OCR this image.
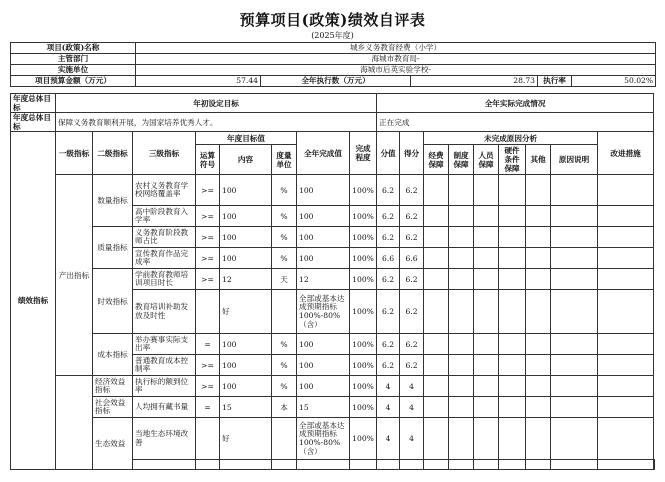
预算项目(政策)绩效自评表
(2025年度)
项目(政策)名称	城乡义务教育经费（小学）				
主管部门	海城市教育局-				
实施单位	海城市后英实验学校-				
项目预算金额（万元）	57.44	全年执行数（万元）	28.73	执行率	50.02%
年度总体目标	年初设定目标								全年实际完成情况									
年度总体目标	保障义务教育顺利开展，为国家培养优秀人才。								正在完成									
绩效指标	一级指标	二级指标	三级指标	年度目标值			全年完成值	完成程度	分值	得分	未完成原因分析						改进措施	
				运算符号	内容	度量单位					经费保障	制度保障	人员保障	硬件条件保障	其他	原因说明		
	产出指标	数量指标	农村义务教育学校网络覆盖率	>=	100	%	100	100%	6.2	6.2								
			高中阶段教育入学率	>=	100	%	100	100%	6.2	6.2								
		质量指标	义务教育阶段教师占比	>=	100	%	100	100%	6.2	6.2								
			宣传教育作品完成率	>=	100	%	100	100%	6.6	6.6								
		时效指标	学前教育教师培训项目时长	>=	12	天	12	100%	6.2	6.2								
			教育培训补助发放及时性		好		全部或基本达成预期指标100%-80%（含）	100%	6.2	6.2								
		成本指标	举办赛事实际支出率	=	100	%	100	100%	6.2	6.2								
			普通教育成本控制率	>=	100	%	100	100%	6.2	6.2								
		经济效益指标	执行标的额到位率	>=	100	%	100	100%	4	4								
		社会效益指标	人均拥有藏书量	=	15	本	15	100%	4	4								
		生态效益	当地生态环境改善		好		全部或基本达成预期指标100%-80%（含）	100%	4	4								
